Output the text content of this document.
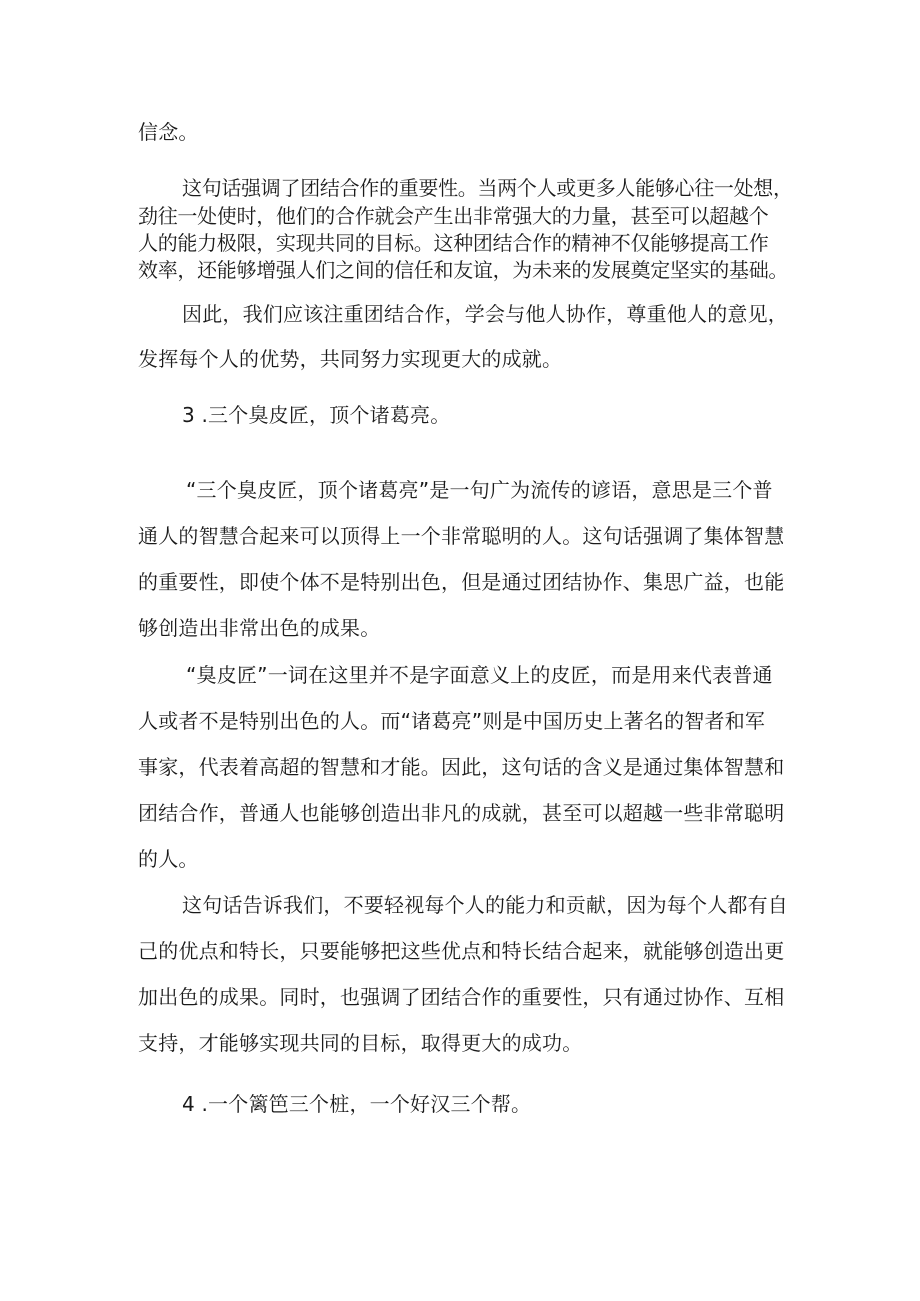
信念。
这句话强调了团结合作的重要性。当两个人或更多人能够心往一处想，
劲往一处使时，他们的合作就会产生出非常强大的力量，甚至可以超越个
人的能力极限，实现共同的目标。这种团结合作的精神不仅能够提高工作
效率，还能够增强人们之间的信任和友谊，为未来的发展奠定坚实的基础。
因此，我们应该注重团结合作，学会与他人协作，尊重他人的意见，
发挥每个人的优势，共同努力实现更大的成就。
3 .三个臭皮匠，顶个诸葛亮。
“三个臭皮匠，顶个诸葛亮”是一句广为流传的谚语，意思是三个普
通人的智慧合起来可以顶得上一个非常聪明的人。这句话强调了集体智慧
的重要性，即使个体不是特别出色，但是通过团结协作、集思广益，也能
够创造出非常出色的成果。
“臭皮匠”一词在这里并不是字面意义上的皮匠，而是用来代表普通
人或者不是特别出色的人。而“诸葛亮”则是中国历史上著名的智者和军
事家，代表着高超的智慧和才能。因此，这句话的含义是通过集体智慧和
团结合作，普通人也能够创造出非凡的成就，甚至可以超越一些非常聪明
的人。
这句话告诉我们，不要轻视每个人的能力和贡献，因为每个人都有自
己的优点和特长，只要能够把这些优点和特长结合起来，就能够创造出更
加出色的成果。同时，也强调了团结合作的重要性，只有通过协作、互相
支持，才能够实现共同的目标，取得更大的成功。
4 .一个篱笆三个桩，一个好汉三个帮。
